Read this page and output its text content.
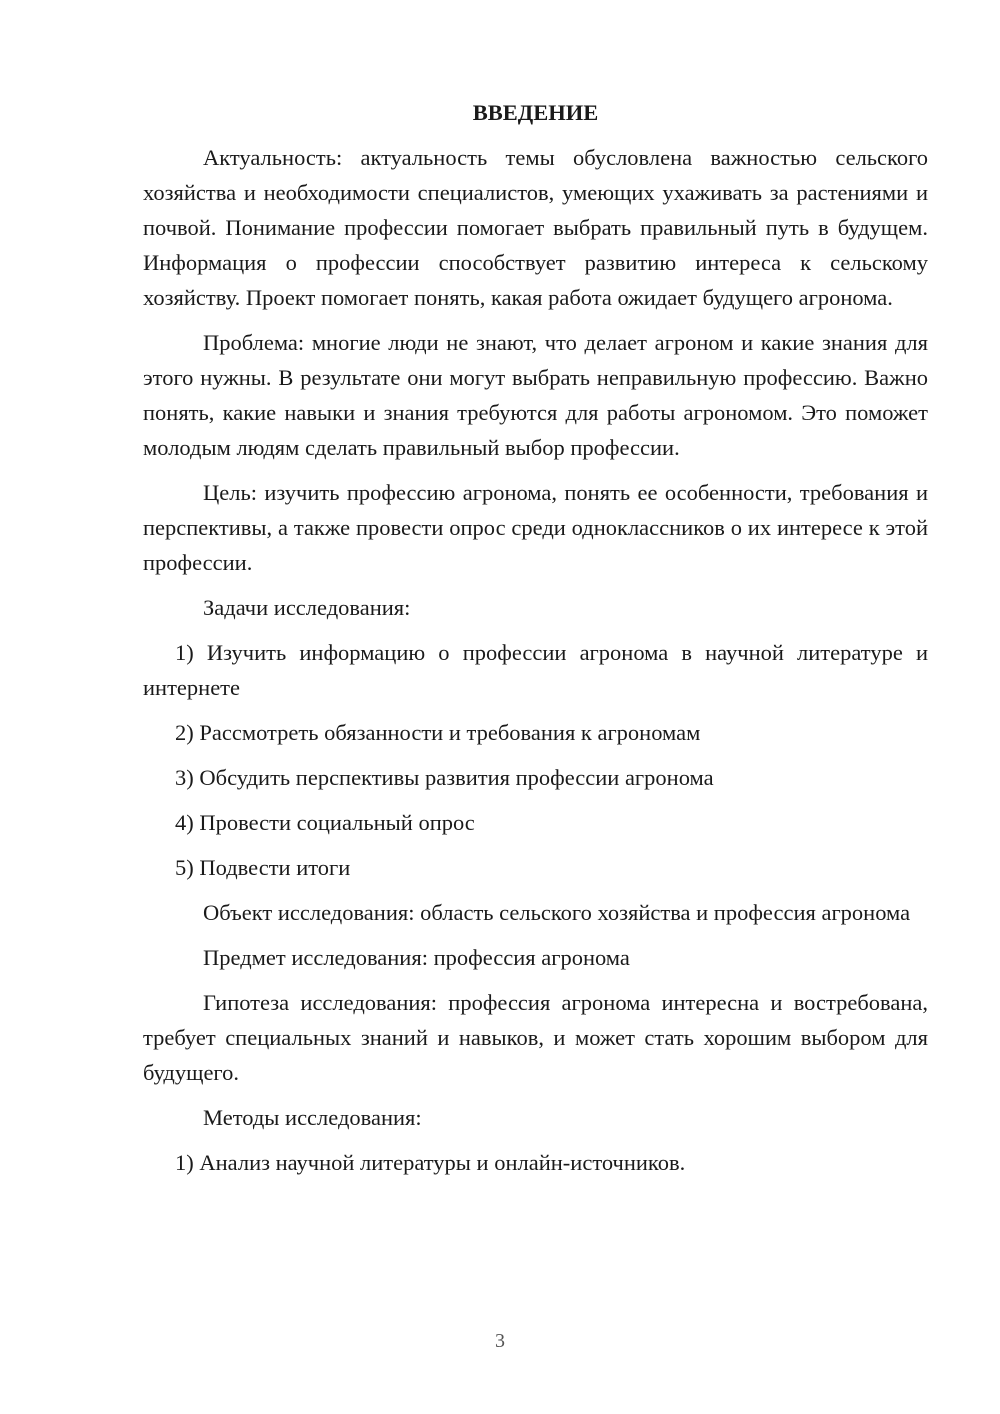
ВВЕДЕНИЕ

Актуальность: актуальность темы обусловлена важностью сельского хозяйства и необходимости специалистов, умеющих ухаживать за растениями и почвой. Понимание профессии помогает выбрать правильный путь в будущем. Информация о профессии способствует развитию интереса к сельскому хозяйству. Проект помогает понять, какая работа ожидает будущего агронома.

Проблема: многие люди не знают, что делает агроном и какие знания для этого нужны. В результате они могут выбрать неправильную профессию. Важно понять, какие навыки и знания требуются для работы агрономом. Это поможет молодым людям сделать правильный выбор профессии.

Цель: изучить профессию агронома, понять ее особенности, требования и перспективы, а также провести опрос среди одноклассников о их интересе к этой профессии.

Задачи исследования:

1) Изучить информацию о профессии агронома в научной литературе и интернете

2) Рассмотреть обязанности и требования к агрономам

3) Обсудить перспективы развития профессии агронома

4) Провести социальный опрос

5) Подвести итоги

Объект исследования: область сельского хозяйства и профессия агронома

Предмет исследования: профессия агронома

Гипотеза исследования: профессия агронома интересна и востребована, требует специальных знаний и навыков, и может стать хорошим выбором для будущего.

Методы исследования:

1) Анализ научной литературы и онлайн-источников.

3
